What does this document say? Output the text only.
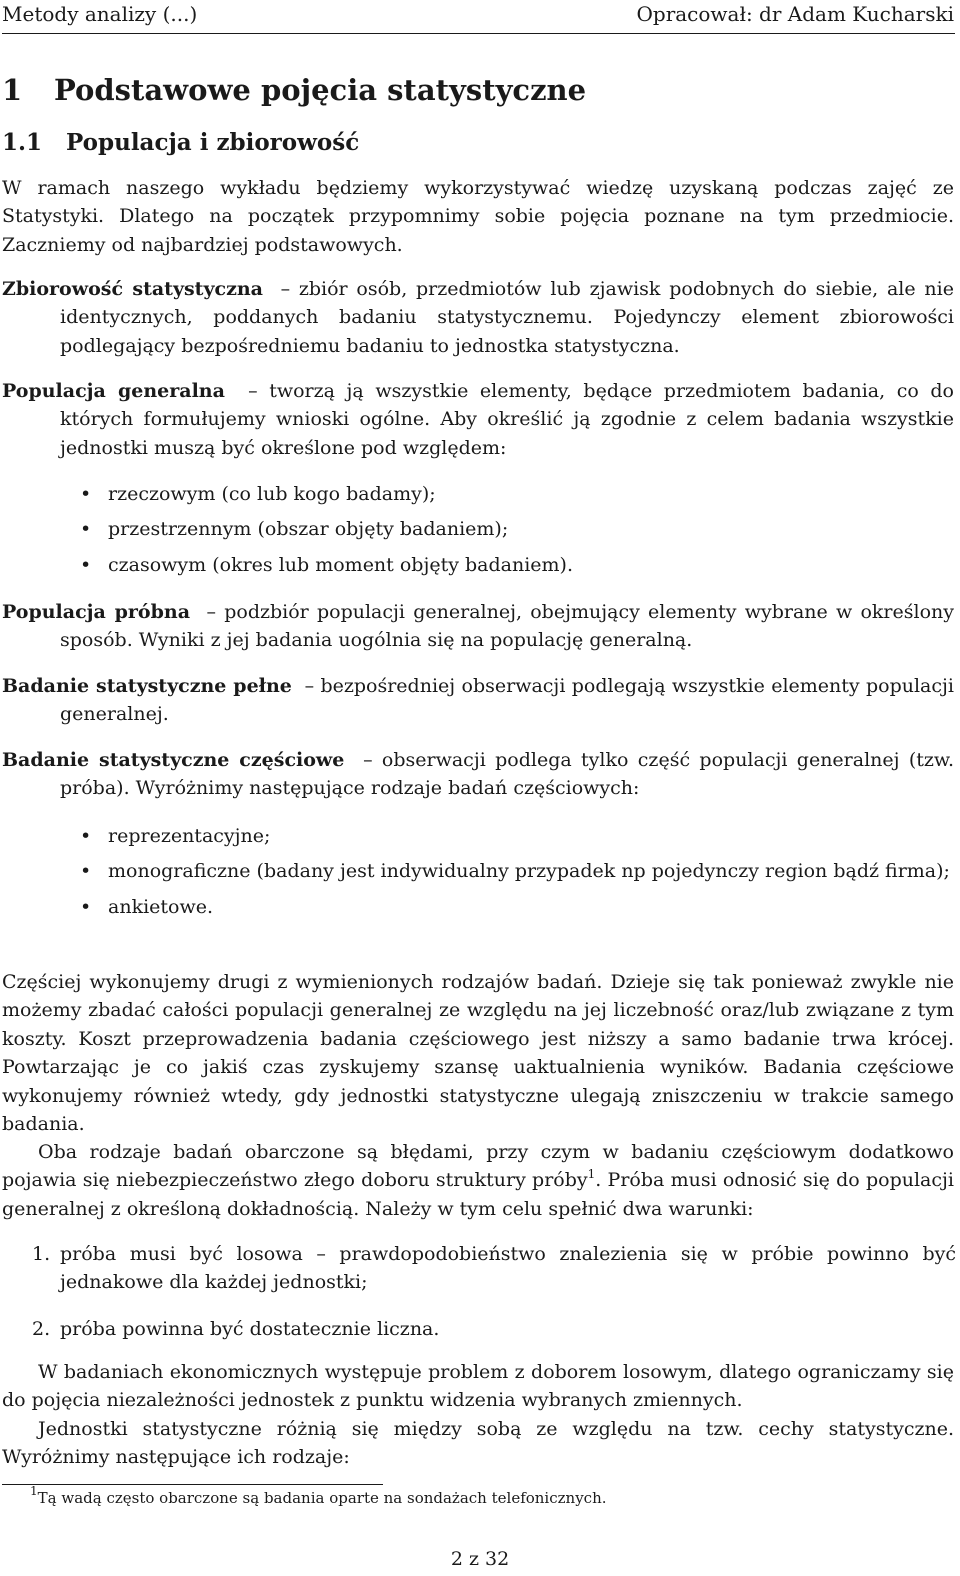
Metody analizy (...)	Opracował: dr Adam Kucharski
1 Podstawowe pojęcia statystyczne
1.1 Populacja i zbiorowość
W ramach naszego wykładu będziemy wykorzystywać wiedzę uzyskaną podczas zajęć ze Statystyki. Dlatego na początek przypomnimy sobie pojęcia poznane na tym przedmiocie. Zaczniemy od najbardziej podstawowych.
Zbiorowość statystyczna – zbiór osób, przedmiotów lub zjawisk podobnych do siebie, ale nie identycznych, poddanych badaniu statystycznemu. Pojedynczy element zbiorowości podlegający bezpośredniemu badaniu to jednostka statystyczna.
Populacja generalna – tworzą ją wszystkie elementy, będące przedmiotem badania, co do których formułujemy wnioski ogólne. Aby określić ją zgodnie z celem badania wszystkie jednostki muszą być określone pod względem:
• rzeczowym (co lub kogo badamy);
• przestrzennym (obszar objęty badaniem);
• czasowym (okres lub moment objęty badaniem).
Populacja próbna – podzbiór populacji generalnej, obejmujący elementy wybrane w określony sposób. Wyniki z jej badania uogólnia się na populację generalną.
Badanie statystyczne pełne – bezpośredniej obserwacji podlegają wszystkie elementy populacji generalnej.
Badanie statystyczne częściowe – obserwacji podlega tylko część populacji generalnej (tzw. próba). Wyróżnimy następujące rodzaje badań częściowych:
• reprezentacyjne;
• monograficzne (badany jest indywidualny przypadek np pojedynczy region bądź firma);
• ankietowe.
Częściej wykonujemy drugi z wymienionych rodzajów badań. Dzieje się tak ponieważ zwykle nie możemy zbadać całości populacji generalnej ze względu na jej liczebność oraz/lub związane z tym koszty. Koszt przeprowadzenia badania częściowego jest niższy a samo badanie trwa krócej. Powtarzając je co jakiś czas zyskujemy szansę uaktualnienia wyników. Badania częściowe wykonujemy również wtedy, gdy jednostki statystyczne ulegają zniszczeniu w trakcie samego badania.
Oba rodzaje badań obarczone są błędami, przy czym w badaniu częściowym dodatkowo pojawia się niebezpieczeństwo złego doboru struktury próby$^1$. Próba musi odnosić się do populacji generalnej z określoną dokładnością. Należy w tym celu spełnić dwa warunki:
1. próba musi być losowa – prawdopodobieństwo znalezienia się w próbie powinno być jednakowe dla każdej jednostki;
2. próba powinna być dostatecznie liczna.
W badaniach ekonomicznych występuje problem z doborem losowym, dlatego ograniczamy się do pojęcia niezależności jednostek z punktu widzenia wybranych zmiennych.
Jednostki statystyczne różnią się między sobą ze względu na tzw. cechy statystyczne. Wyróżnimy następujące ich rodzaje:
$^1$Tą wadą często obarczone są badania oparte na sondażach telefonicznych.
2 z 32
